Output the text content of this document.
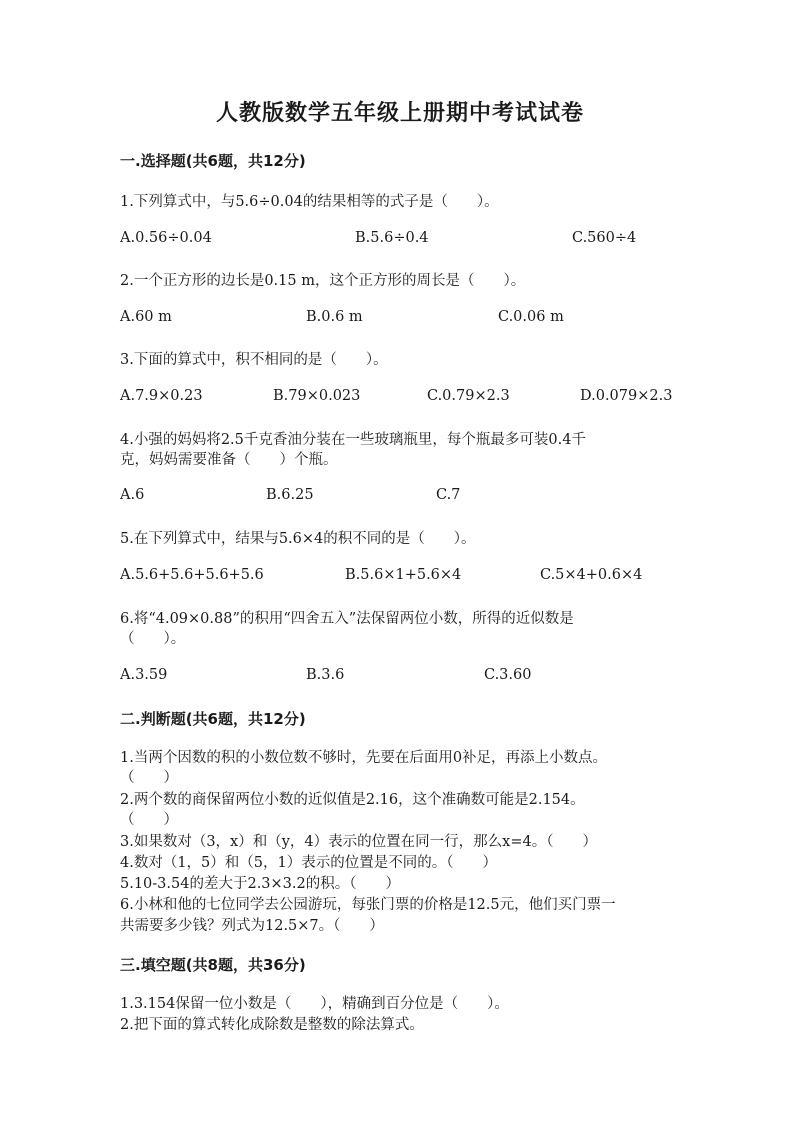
人教版数学五年级上册期中考试试卷
一.选择题(共6题，共12分)
1.下列算式中，与5.6÷0.04的结果相等的式子是（　　）。
A.0.56÷0.04	B.5.6÷0.4	C.560÷4
2.一个正方形的边长是0.15 m，这个正方形的周长是（　　）。
A.60 m	B.0.6 m	C.0.06 m
3.下面的算式中，积不相同的是（　　）。
A.7.9×0.23	B.79×0.023	C.0.79×2.3	D.0.079×2.3
4.小强的妈妈将2.5千克香油分装在一些玻璃瓶里，每个瓶最多可装0.4千
克，妈妈需要准备（　　）个瓶。
A.6	B.6.25	C.7
5.在下列算式中，结果与5.6×4的积不同的是（　　）。
A.5.6+5.6+5.6+5.6	B.5.6×1+5.6×4	C.5×4+0.6×4
6.将“4.09×0.88”的积用“四舍五入”法保留两位小数，所得的近似数是
（　　）。
A.3.59	B.3.6	C.3.60
二.判断题(共6题，共12分)
1.当两个因数的积的小数位数不够时，先要在后面用0补足，再添上小数点。
（　　）
2.两个数的商保留两位小数的近似值是2.16，这个准确数可能是2.154。
（　　）
3.如果数对（3，x）和（y，4）表示的位置在同一行，那么x=4。（　　）
4.数对（1，5）和（5，1）表示的位置是不同的。（　　）
5.10-3.54的差大于2.3×3.2的积。（　　）
6.小林和他的七位同学去公园游玩，每张门票的价格是12.5元，他们买门票一
共需要多少钱？列式为12.5×7。（　　）
三.填空题(共8题，共36分)
1.3.154保留一位小数是（　　），精确到百分位是（　　）。
2.把下面的算式转化成除数是整数的除法算式。
